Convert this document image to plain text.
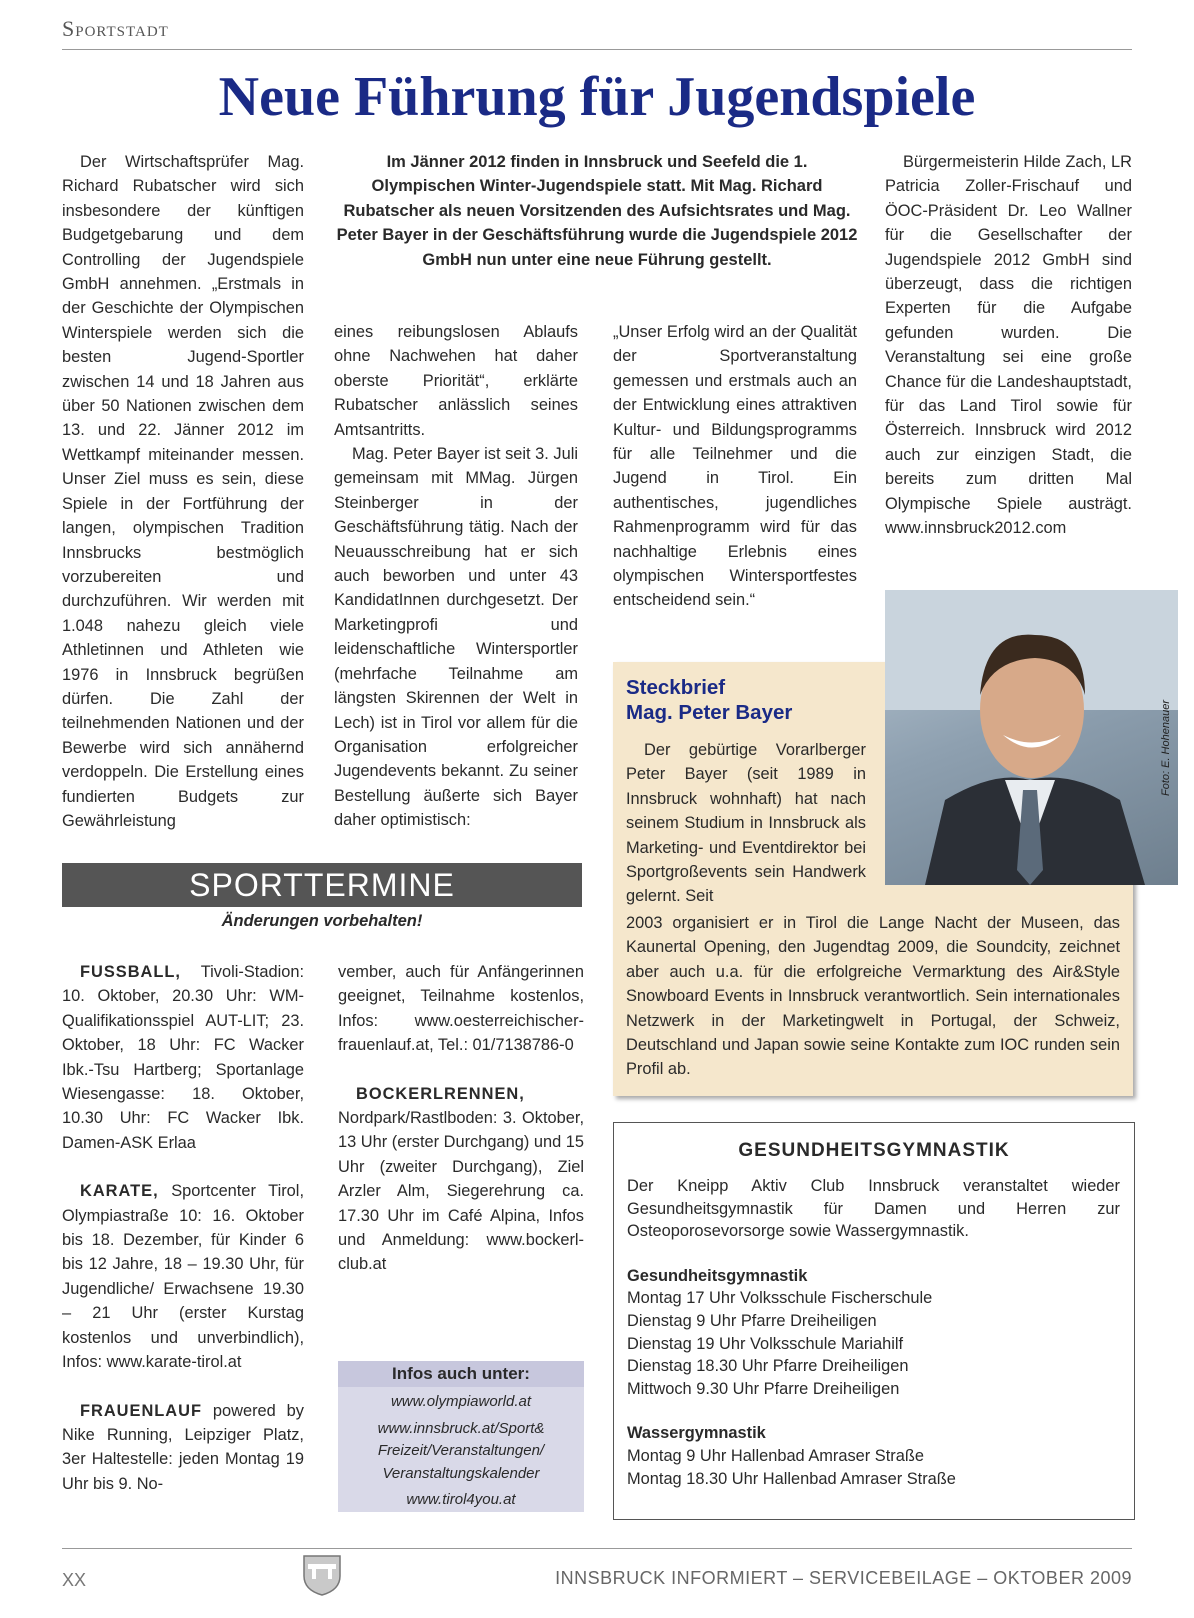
Sportstadt
Neue Führung für Jugendspiele

Im Jänner 2012 finden in Innsbruck und Seefeld die 1. Olympischen Winter-Jugendspiele statt. Mit Mag. Richard Rubatscher als neuen Vorsitzenden des Aufsichtsrates und Mag. Peter Bayer in der Geschäftsführung wurde die Jugendspiele 2012 GmbH nun unter eine neue Führung gestellt.

Der Wirtschaftsprüfer Mag. Richard Rubatscher wird sich insbesondere der künftigen Budgetgebarung und dem Controlling der Jugendspiele GmbH annehmen. „Erstmals in der Geschichte der Olympischen Winterspiele werden sich die besten Jugend-Sportler zwischen 14 und 18 Jahren aus über 50 Nationen zwischen dem 13. und 22. Jänner 2012 im Wettkampf miteinander messen. Unser Ziel muss es sein, diese Spiele in der Fortführung der langen, olympischen Tradition Innsbrucks bestmöglich vorzubereiten und durchzuführen. Wir werden mit 1.048 nahezu gleich viele Athletinnen und Athleten wie 1976 in Innsbruck begrüßen dürfen. Die Zahl der teilnehmenden Nationen und der Bewerbe wird sich annähernd verdoppeln. Die Erstellung eines fundierten Budgets zur Gewährleistung

eines reibungslosen Ablaufs ohne Nachwehen hat daher oberste Priorität“, erklärte Rubatscher anlässlich seines Amtsantritts.

Mag. Peter Bayer ist seit 3. Juli gemeinsam mit MMag. Jürgen Steinberger in der Geschäftsführung tätig. Nach der Neuausschreibung hat er sich auch beworben und unter 43 KandidatInnen durchgesetzt. Der Marketingprofi und leidenschaftliche Wintersportler (mehrfache Teilnahme am längsten Skirennen der Welt in Lech) ist in Tirol vor allem für die Organisation erfolgreicher Jugendevents bekannt. Zu seiner Bestellung äußerte sich Bayer daher optimistisch:

„Unser Erfolg wird an der Qualität der Sportveranstaltung gemessen und erstmals auch an der Entwicklung eines attraktiven Kultur- und Bildungsprogramms für alle Teilnehmer und die Jugend in Tirol. Ein authentisches, jugendliches Rahmenprogramm wird für das nachhaltige Erlebnis eines olympischen Wintersportfestes entscheidend sein.“

Bürgermeisterin Hilde Zach, LR Patricia Zoller-Frischauf und ÖOC-Präsident Dr. Leo Wallner für die Gesellschafter der Jugendspiele 2012 GmbH sind überzeugt, dass die richtigen Experten für die Aufgabe gefunden wurden. Die Veranstaltung sei eine große Chance für die Landeshauptstadt, für das Land Tirol sowie für Österreich. Innsbruck wird 2012 auch zur einzigen Stadt, die bereits zum dritten Mal Olympische Spiele austrägt. www.innsbruck2012.com

Steckbrief
Mag. Peter Bayer

Der gebürtige Vorarlberger Peter Bayer (seit 1989 in Innsbruck wohnhaft) hat nach seinem Studium in Innsbruck als Marketing- und Eventdirektor bei Sportgroßevents sein Handwerk gelernt. Seit

2003 organisiert er in Tirol die Lange Nacht der Museen, das Kaunertal Opening, den Jugendtag 2009, die Soundcity, zeichnet aber auch u.a. für die erfolgreiche Vermarktung des Air&Style Snowboard Events in Innsbruck verantwortlich. Sein internationales Netzwerk in der Marketingwelt in Portugal, der Schweiz, Deutschland und Japan sowie seine Kontakte zum IOC runden sein Profil ab.

Foto: E. Hohenauer
SPORTTERMINE
Änderungen vorbehalten!

FUSSBALL, Tivoli-Stadion: 10. Oktober, 20.30 Uhr: WM-Qualifikationsspiel AUT-LIT; 23. Oktober, 18 Uhr: FC Wacker Ibk.-Tsu Hartberg; Sportanlage Wiesengasse: 18. Oktober, 10.30 Uhr: FC Wacker Ibk. Damen-ASK Erlaa

KARATE, Sportcenter Tirol, Olympiastraße 10: 16. Oktober bis 18. Dezember, für Kinder 6 bis 12 Jahre, 18 – 19.30 Uhr, für Jugendliche/ Erwachsene 19.30 – 21 Uhr (erster Kurstag kostenlos und unverbindlich), Infos: www.karate-tirol.at

FRAUENLAUF powered by Nike Running, Leipziger Platz, 3er Haltestelle: jeden Montag 19 Uhr bis 9. No-

vember, auch für Anfängerinnen geeignet, Teilnahme kostenlos, Infos: www.oesterreichischer-frauenlauf.at, Tel.: 01/7138786-0

BOCKERLRENNEN, Nordpark/Rastlboden: 3. Oktober, 13 Uhr (erster Durchgang) und 15 Uhr (zweiter Durchgang), Ziel Arzler Alm, Siegerehrung ca. 17.30 Uhr im Café Alpina, Infos und Anmeldung: www.bockerl-club.at

Infos auch unter:
www.olympiaworld.at
www.innsbruck.at/Sport& Freizeit/Veranstaltungen/ Veranstaltungskalender
www.tirol4you.at
GESUNDHEITSGYMNASTIK
Der Kneipp Aktiv Club Innsbruck veranstaltet wieder Gesundheitsgymnastik für Damen und Herren zur Osteoporosevorsorge sowie Wassergymnastik.
Gesundheitsgymnastik
Montag 17 Uhr Volksschule Fischerschule
Dienstag 9 Uhr Pfarre Dreiheiligen
Dienstag 19 Uhr Volksschule Mariahilf
Dienstag 18.30 Uhr Pfarre Dreiheiligen
Mittwoch 9.30 Uhr Pfarre Dreiheiligen
Wassergymnastik
Montag 9 Uhr Hallenbad Amraser Straße
Montag 18.30 Uhr Hallenbad Amraser Straße
XX	INNSBRUCK INFORMIERT – SERVICEBEILAGE – OKTOBER 2009
